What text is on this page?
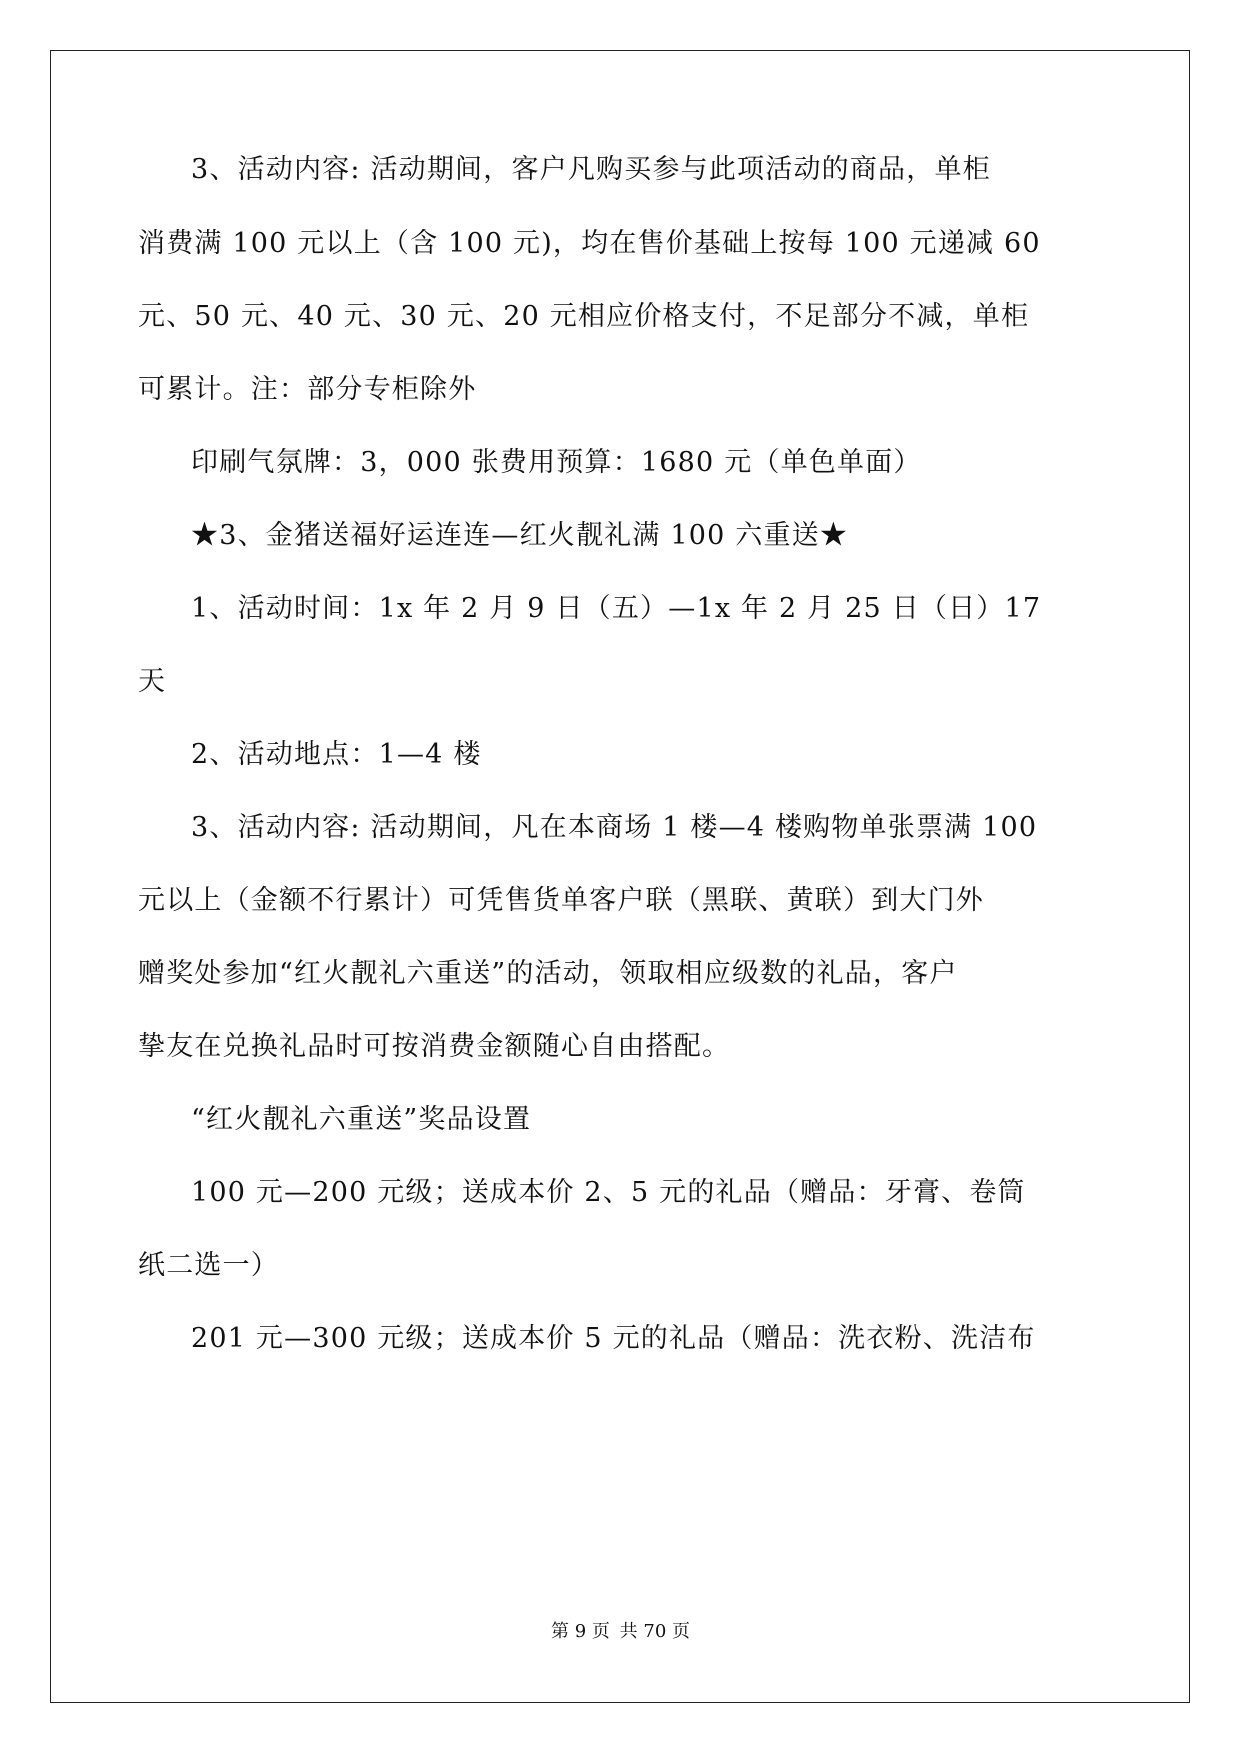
3、活动内容: 活动期间，客户凡购买参与此项活动的商品，单柜
消费满 100 元以上（含 100 元)，均在售价基础上按每 100 元递减 60
元、50 元、40 元、30 元、20 元相应价格支付，不足部分不减，单柜
可累计。注：部分专柜除外
印刷气氛牌：3，000 张费用预算：1680 元（单色单面）
★3、金猪送福好运连连—红火靓礼满 100 六重送★
1、活动时间：1x 年 2 月 9 日（五）—1x 年 2 月 25 日（日）17
天
2、活动地点：1—4 楼
3、活动内容: 活动期间，凡在本商场 1 楼—4 楼购物单张票满 100
元以上（金额不行累计）可凭售货单客户联（黑联、黄联）到大门外
赠奖处参加“红火靓礼六重送”的活动，领取相应级数的礼品，客户
挚友在兑换礼品时可按消费金额随心自由搭配。
“红火靓礼六重送”奖品设置
100 元—200 元级；送成本价 2、5 元的礼品（赠品：牙膏、卷筒
纸二选一）
201 元—300 元级；送成本价 5 元的礼品（赠品：洗衣粉、洗洁布
第 9 页 共 70 页
